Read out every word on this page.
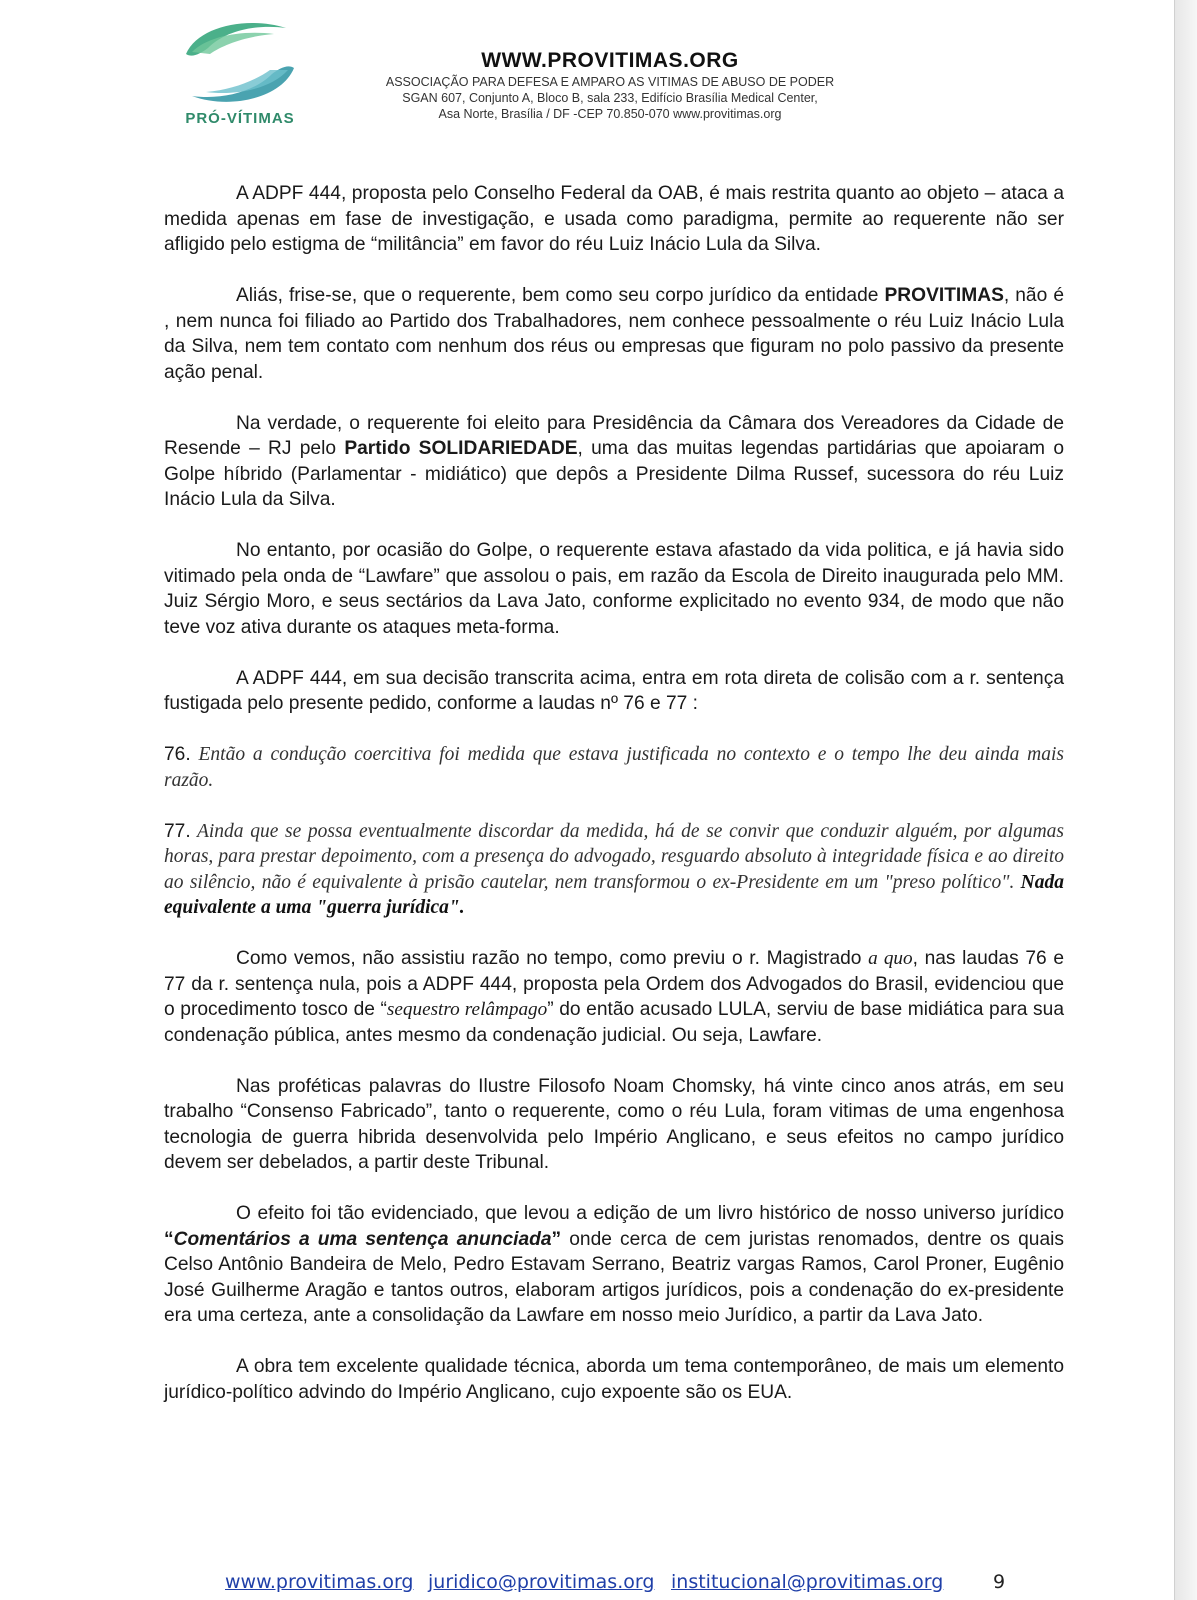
PRÓ-VÍTIMAS
WWW.PROVITIMAS.ORG
ASSOCIAÇÃO PARA DEFESA E AMPARO AS VITIMAS DE ABUSO DE PODER
SGAN 607, Conjunto A, Bloco B, sala 233, Edifício Brasília Medical Center,
Asa Norte, Brasília / DF -CEP 70.850-070 www.provitimas.org

A ADPF 444, proposta pelo Conselho Federal da OAB, é mais restrita quanto ao objeto – ataca a medida apenas em fase de investigação, e usada como paradigma, permite ao requerente não ser afligido pelo estigma de “militância” em favor do réu Luiz Inácio Lula da Silva.

Aliás, frise-se, que o requerente, bem como seu corpo jurídico da entidade PROVITIMAS, não é , nem nunca foi filiado ao Partido dos Trabalhadores, nem conhece pessoalmente o réu Luiz Inácio Lula da Silva, nem tem contato com nenhum dos réus ou empresas que figuram no polo passivo da presente ação penal.

Na verdade, o requerente foi eleito para Presidência da Câmara dos Vereadores da Cidade de Resende – RJ pelo Partido SOLIDARIEDADE, uma das muitas legendas partidárias que apoiaram o Golpe híbrido (Parlamentar - midiático) que depôs a Presidente Dilma Russef, sucessora do réu Luiz Inácio Lula da Silva.

No entanto, por ocasião do Golpe, o requerente estava afastado da vida politica, e já havia sido vitimado pela onda de “Lawfare” que assolou o pais, em razão da Escola de Direito inaugurada pelo MM. Juiz Sérgio Moro, e seus sectários da Lava Jato, conforme explicitado no evento 934, de modo que não teve voz ativa durante os ataques meta-forma.

A ADPF 444, em sua decisão transcrita acima, entra em rota direta de colisão com a r. sentença fustigada pelo presente pedido, conforme a laudas nº 76 e 77 :

76. Então a condução coercitiva foi medida que estava justificada no contexto e o tempo lhe deu ainda mais razão.

77. Ainda que se possa eventualmente discordar da medida, há de se convir que conduzir alguém, por algumas horas, para prestar depoimento, com a presença do advogado, resguardo absoluto à integridade física e ao direito ao silêncio, não é equivalente à prisão cautelar, nem transformou o ex-Presidente em um "preso político". Nada equivalente a uma "guerra jurídica".

Como vemos, não assistiu razão no tempo, como previu o r. Magistrado a quo, nas laudas 76 e 77 da r. sentença nula, pois a ADPF 444, proposta pela Ordem dos Advogados do Brasil, evidenciou que o procedimento tosco de “sequestro relâmpago” do então acusado LULA, serviu de base midiática para sua condenação pública, antes mesmo da condenação judicial. Ou seja, Lawfare.

Nas proféticas palavras do Ilustre Filosofo Noam Chomsky, há vinte cinco anos atrás, em seu trabalho “Consenso Fabricado”, tanto o requerente, como o réu Lula, foram vitimas de uma engenhosa tecnologia de guerra hibrida desenvolvida pelo Império Anglicano, e seus efeitos no campo jurídico devem ser debelados, a partir deste Tribunal.

O efeito foi tão evidenciado, que levou a edição de um livro histórico de nosso universo jurídico “Comentários a uma sentença anunciada” onde cerca de cem juristas renomados, dentre os quais Celso Antônio Bandeira de Melo, Pedro Estavam Serrano, Beatriz vargas Ramos, Carol Proner, Eugênio José Guilherme Aragão e tantos outros, elaboram artigos jurídicos, pois a condenação do ex-presidente era uma certeza, ante a consolidação da Lawfare em nosso meio Jurídico, a partir da Lava Jato.

A obra tem excelente qualidade técnica, aborda um tema contemporâneo, de mais um elemento jurídico-político advindo do Império Anglicano, cujo expoente são os EUA.

www.provitimas.org juridico@provitimas.org institucional@provitimas.org	9
